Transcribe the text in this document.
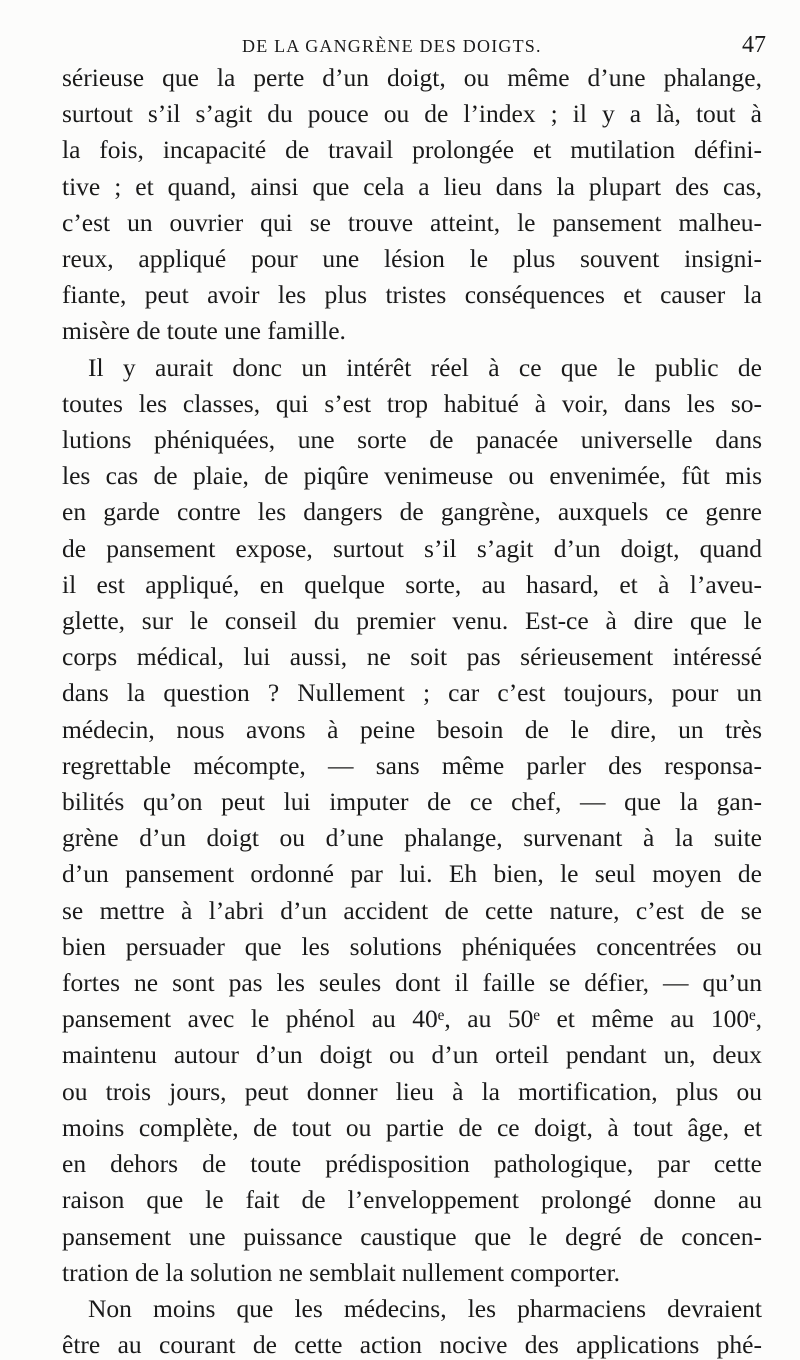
DE LA GANGRÈNE DES DOIGTS.	47
sérieuse que la perte d’un doigt, ou même d’une phalange,
surtout s’il s’agit du pouce ou de l’index ; il y a là, tout à
la fois, incapacité de travail prolongée et mutilation défini-
tive ; et quand, ainsi que cela a lieu dans la plupart des cas,
c’est un ouvrier qui se trouve atteint, le pansement malheu-
reux, appliqué pour une lésion le plus souvent insigni-
fiante, peut avoir les plus tristes conséquences et causer la
misère de toute une famille.
Il y aurait donc un intérêt réel à ce que le public de
toutes les classes, qui s’est trop habitué à voir, dans les so-
lutions phéniquées, une sorte de panacée universelle dans
les cas de plaie, de piqûre venimeuse ou envenimée, fût mis
en garde contre les dangers de gangrène, auxquels ce genre
de pansement expose, surtout s’il s’agit d’un doigt, quand
il est appliqué, en quelque sorte, au hasard, et à l’aveu-
glette, sur le conseil du premier venu. Est-ce à dire que le
corps médical, lui aussi, ne soit pas sérieusement intéressé
dans la question ? Nullement ; car c’est toujours, pour un
médecin, nous avons à peine besoin de le dire, un très
regrettable mécompte, — sans même parler des responsa-
bilités qu’on peut lui imputer de ce chef, — que la gan-
grène d’un doigt ou d’une phalange, survenant à la suite
d’un pansement ordonné par lui. Eh bien, le seul moyen de
se mettre à l’abri d’un accident de cette nature, c’est de se
bien persuader que les solutions phéniquées concentrées ou
fortes ne sont pas les seules dont il faille se défier, — qu’un
pansement avec le phénol au 40ᵉ, au 50ᵉ et même au 100ᵉ,
maintenu autour d’un doigt ou d’un orteil pendant un, deux
ou trois jours, peut donner lieu à la mortification, plus ou
moins complète, de tout ou partie de ce doigt, à tout âge, et
en dehors de toute prédisposition pathologique, par cette
raison que le fait de l’enveloppement prolongé donne au
pansement une puissance caustique que le degré de concen-
tration de la solution ne semblait nullement comporter.
Non moins que les médecins, les pharmaciens devraient
être au courant de cette action nocive des applications phé-
